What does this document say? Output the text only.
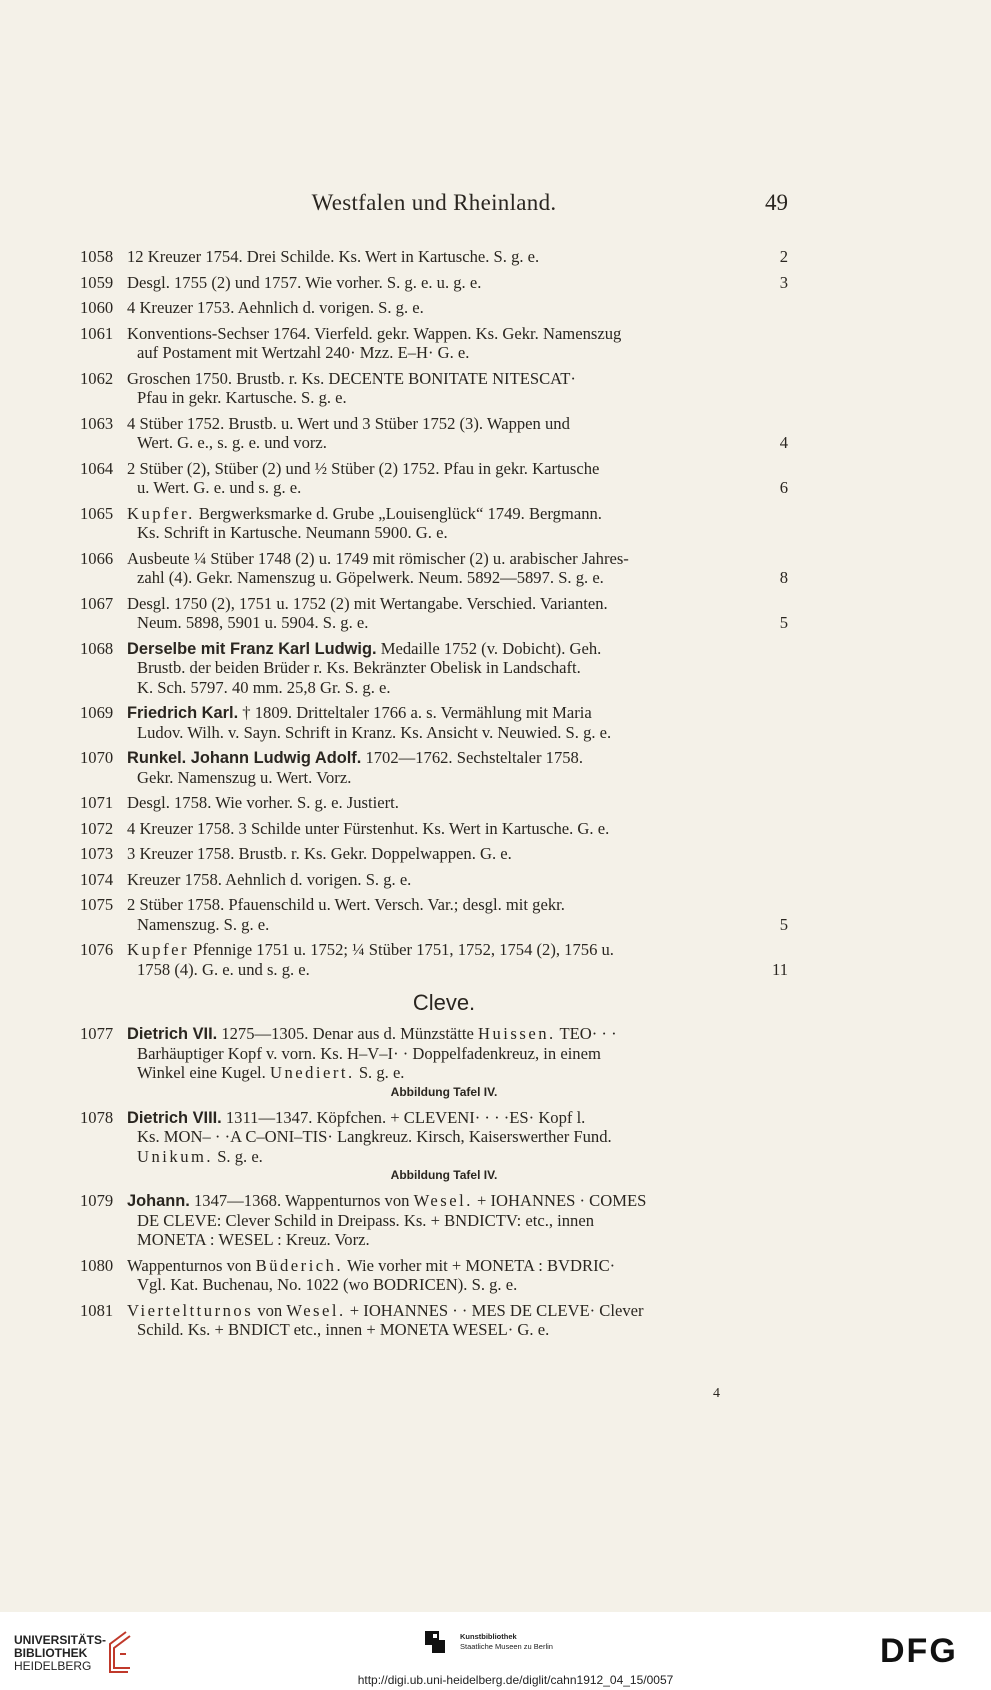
Westfalen und Rheinland.	49
1058 12 Kreuzer 1754. Drei Schilde. Ks. Wert in Kartusche. S. g. e.	2
1059 Desgl. 1755 (2) und 1757. Wie vorher. S. g. e. u. g. e.	3
1060 4 Kreuzer 1753. Aehnlich d. vorigen. S. g. e.
1061 Konventions-Sechser 1764. Vierfeld. gekr. Wappen. Ks. Gekr. Namenszug
auf Postament mit Wertzahl 240· Mzz. E–H· G. e.
1062 Groschen 1750. Brustb. r. Ks. DECENTE BONITATE NITESCAT·
Pfau in gekr. Kartusche. S. g. e.
1063 4 Stüber 1752. Brustb. u. Wert und 3 Stüber 1752 (3). Wappen und
Wert. G. e., s. g. e. und vorz.	4
1064 2 Stüber (2), Stüber (2) und ½ Stüber (2) 1752. Pfau in gekr. Kartusche
u. Wert. G. e. und s. g. e.	6
1065 Kupfer. Bergwerksmarke d. Grube „Louisenglück“ 1749. Bergmann.
Ks. Schrift in Kartusche. Neumann 5900. G. e.
1066 Ausbeute ¼ Stüber 1748 (2) u. 1749 mit römischer (2) u. arabischer Jahres-
zahl (4). Gekr. Namenszug u. Göpelwerk. Neum. 5892—5897. S. g. e.	8
1067 Desgl. 1750 (2), 1751 u. 1752 (2) mit Wertangabe. Verschied. Varianten.
Neum. 5898, 5901 u. 5904. S. g. e.	5
1068 Derselbe mit Franz Karl Ludwig. Medaille 1752 (v. Dobicht). Geh.
Brustb. der beiden Brüder r. Ks. Bekränzter Obelisk in Landschaft.
K. Sch. 5797. 40 mm. 25,8 Gr. S. g. e.
1069 Friedrich Karl. † 1809. Dritteltaler 1766 a. s. Vermählung mit Maria
Ludov. Wilh. v. Sayn. Schrift in Kranz. Ks. Ansicht v. Neuwied. S. g. e.
1070 Runkel. Johann Ludwig Adolf. 1702—1762. Sechsteltaler 1758.
Gekr. Namenszug u. Wert. Vorz.
1071 Desgl. 1758. Wie vorher. S. g. e. Justiert.
1072 4 Kreuzer 1758. 3 Schilde unter Fürstenhut. Ks. Wert in Kartusche. G. e.
1073 3 Kreuzer 1758. Brustb. r. Ks. Gekr. Doppelwappen. G. e.
1074 Kreuzer 1758. Aehnlich d. vorigen. S. g. e.
1075 2 Stüber 1758. Pfauenschild u. Wert. Versch. Var.; desgl. mit gekr.
Namenszug. S. g. e.	5
1076 Kupfer Pfennige 1751 u. 1752; ¼ Stüber 1751, 1752, 1754 (2), 1756 u.
1758 (4). G. e. und s. g. e.	11
Cleve.
1077 Dietrich VII. 1275—1305. Denar aus d. Münzstätte Huissen. TEO· · ·
Barhäuptiger Kopf v. vorn. Ks. H–V–I· · Doppelfadenkreuz, in einem
Winkel eine Kugel. Unediert. S. g. e.
Abbildung Tafel IV.
1078 Dietrich VIII. 1311—1347. Köpfchen. + CLEVENI· · · ·ES· Kopf l.
Ks. MON– · ·A C–ONI–TIS· Langkreuz. Kirsch, Kaiserswerther Fund.
Unikum. S. g. e.
Abbildung Tafel IV.
1079 Johann. 1347—1368. Wappenturnos von Wesel. + IOHANNES · COMES
DE CLEVE: Clever Schild in Dreipass. Ks. + BNDICTV: etc., innen
MONETA : WESEL : Kreuz. Vorz.
1080 Wappenturnos von Büderich. Wie vorher mit + MONETA : BVDRIC·
Vgl. Kat. Buchenau, No. 1022 (wo BODRICEN). S. g. e.
1081 Vierteltturnos von Wesel. + IOHANNES · · MES DE CLEVE· Clever
Schild. Ks. + BNDICT etc., innen + MONETA WESEL· G. e.
4
UNIVERSITÄTS-
BIBLIOTHEK
HEIDELBERG
Kunstbibliothek
Staatliche Museen zu Berlin	DFG
http://digi.ub.uni-heidelberg.de/diglit/cahn1912_04_15/0057
